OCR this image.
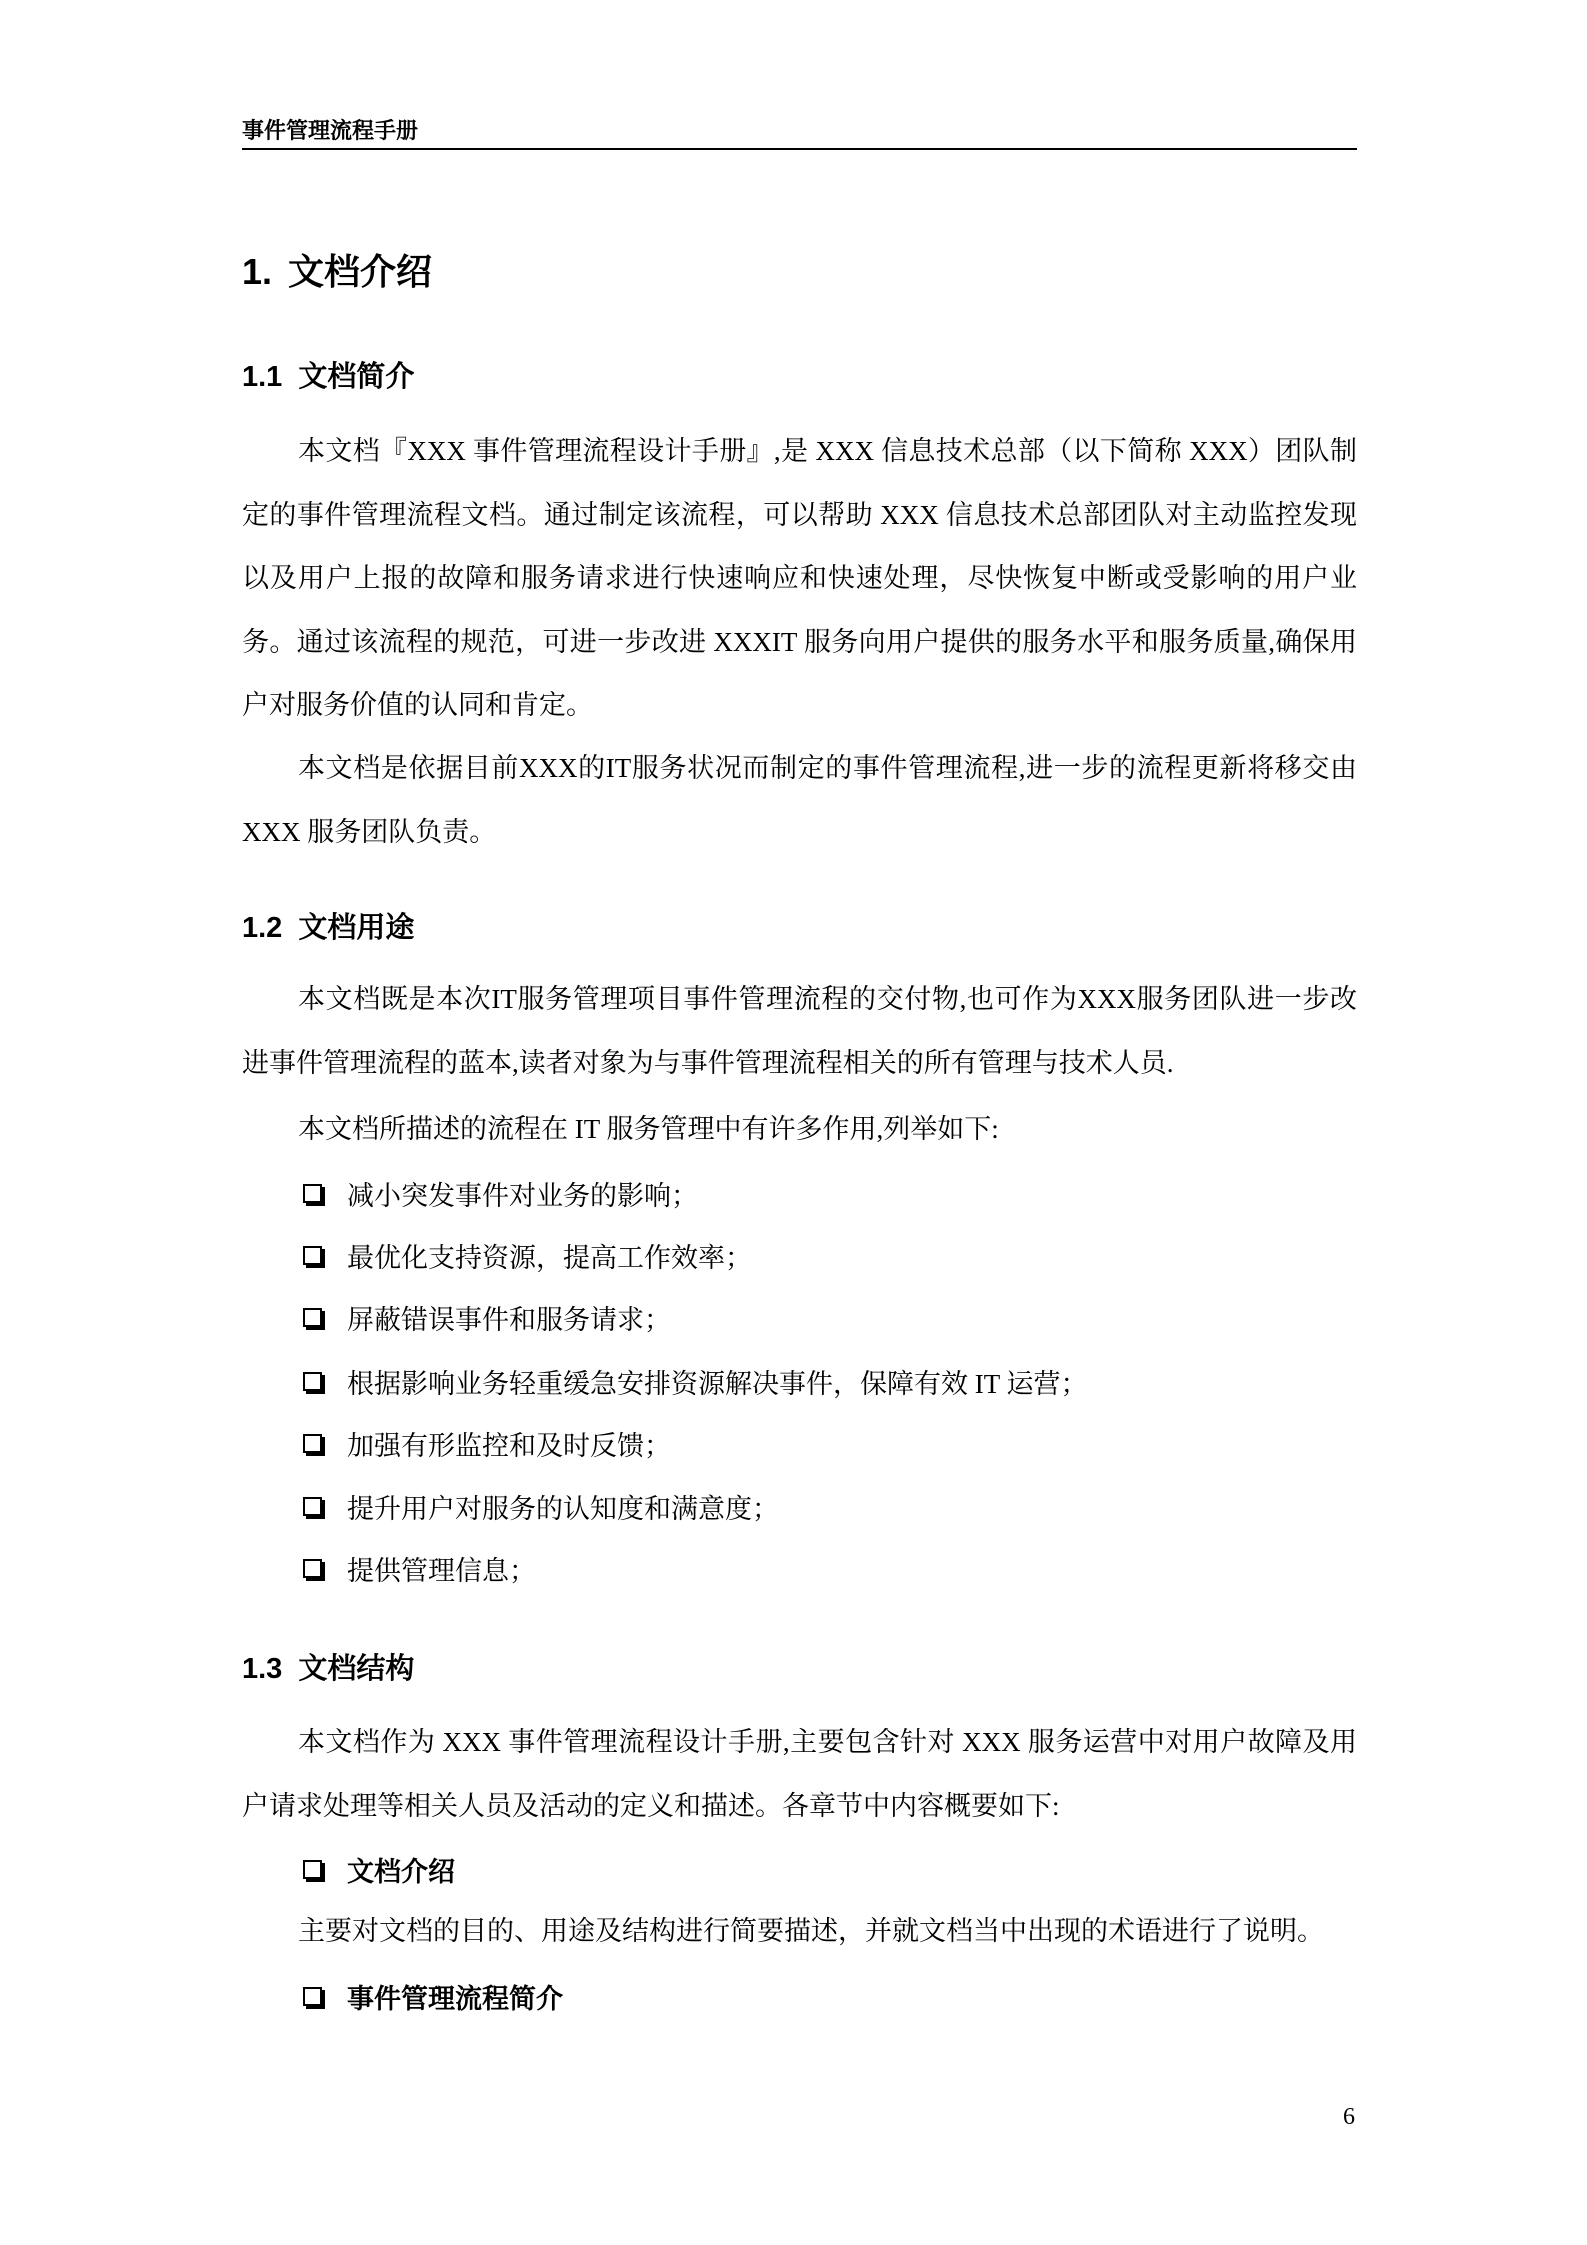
事件管理流程手册
1. 文档介绍
1.1 文档简介
本文档『XXX 事件管理流程设计手册』,是 XXX 信息技术总部（以下简称 XXX）团队制定的事件管理流程文档。通过制定该流程，可以帮助 XXX 信息技术总部团队对主动监控发现以及用户上报的故障和服务请求进行快速响应和快速处理，尽快恢复中断或受影响的用户业务。通过该流程的规范，可进一步改进 XXXIT 服务向用户提供的服务水平和服务质量,确保用户对服务价值的认同和肯定。
本文档是依据目前XXX的IT服务状况而制定的事件管理流程,进一步的流程更新将移交由 XXX 服务团队负责。
1.2 文档用途
本文档既是本次IT服务管理项目事件管理流程的交付物,也可作为XXX服务团队进一步改进事件管理流程的蓝本,读者对象为与事件管理流程相关的所有管理与技术人员.
本文档所描述的流程在 IT 服务管理中有许多作用,列举如下:
减小突发事件对业务的影响；
最优化支持资源，提高工作效率；
屏蔽错误事件和服务请求；
根据影响业务轻重缓急安排资源解决事件，保障有效 IT 运营；
加强有形监控和及时反馈；
提升用户对服务的认知度和满意度；
提供管理信息；
1.3 文档结构
本文档作为 XXX 事件管理流程设计手册,主要包含针对 XXX 服务运营中对用户故障及用户请求处理等相关人员及活动的定义和描述。各章节中内容概要如下:
文档介绍
主要对文档的目的、用途及结构进行简要描述，并就文档当中出现的术语进行了说明。
事件管理流程简介
6
